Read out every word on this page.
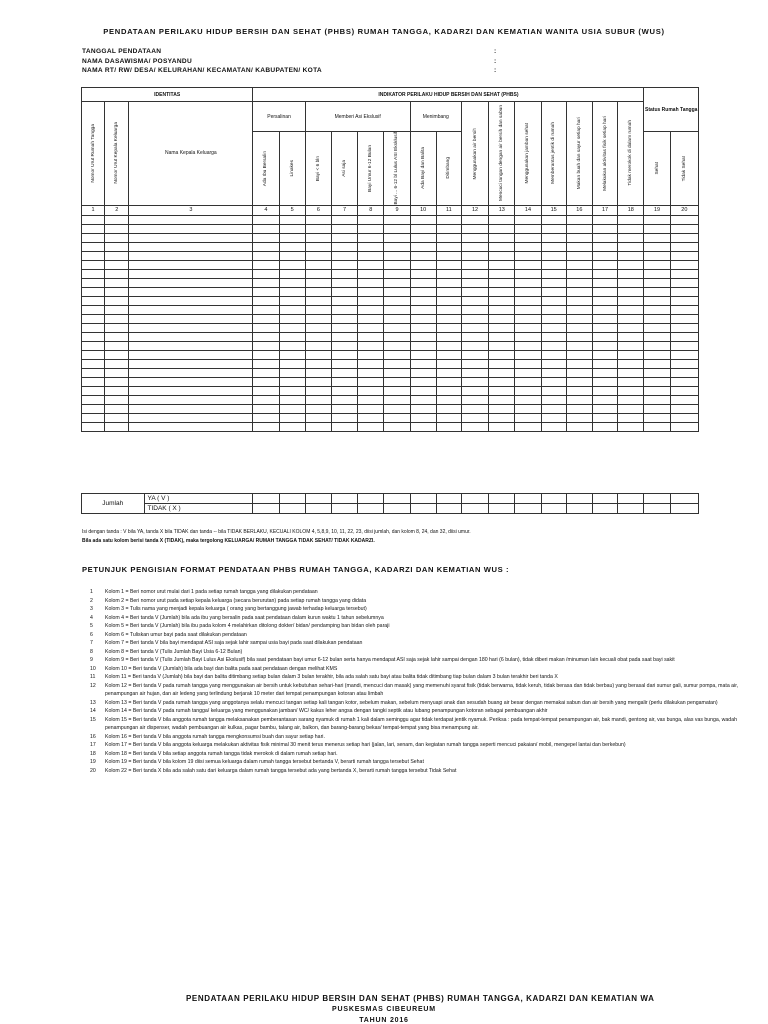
PENDATAAN PERILAKU HIDUP BERSIH DAN SEHAT (PHBS) RUMAH TANGGA, KADARZI DAN KEMATIAN WANITA USIA SUBUR (WUS)
TANGGAL PENDATAAN	:
NAMA DASAWISMA/ POSYANDU	:
NAMA RT/ RW/ DESA/ KELURAHAN/ KECAMATAN/ KABUPATEN/ KOTA	:
IDENTITAS			INDIKATOR PERILAKU HIDUP BERSIH DAN SEHAT (PHBS)															Status Rumah Tangga	

Nomor Urut Rumah Tangga	Nomor Urut Kepala Keluarga	Nama Kepala Keluarga	Persalinan		Memberi Asi Ekslusif				Menimbang		Menggunakan air bersih	Mencuci tangan dengan air bersih dan sabun	Menggunakan jamban sehat	Memberantas jentik di rumah	Makan buah dan sayur setiap hari	Melakukan aktivitas fisik setiap hari	Tidak merokok di dalam rumah		

			Ada Ibu Bersalin	Linakes	Bayi < 6 bln	Asi saja	Bayi Umur 6-12 Bulan	Bayi ... 6-12 bl Lulus ASI Eksklusif	Ada Bayi dan Balita	Ditimbang								Sehat	Tidak Sehat

1	2	3	4	5	6	7	8	9	10	11	12	13	14	15	16	17	18	19	20

Jumlah	YA ( V )																	
	TIDAK ( X )																	
Isi dengan tanda : V bila YA, tanda X bila TIDAK dan tanda -- bila TIDAK BERLAKU, KECUALI KOLOM 4, 5,8,9, 10, 11, 22, 23, diisi jumlah, dan kolom 8, 24, dan 32, diisi umur.
Bila ada satu kolom berisi tanda X (TIDAK), maka tergolong KELUARGA/ RUMAH TANGGA TIDAK SEHAT/ TIDAK KADARZI.
PETUNJUK PENGISIAN FORMAT PENDATAAN PHBS RUMAH TANGGA, KADARZI DAN KEMATIAN WUS :
1	Kolom 1 = Beri nomor urut mulai dari 1 pada setiap rumah tangga yang dilakukan pendataan
2	Kolom 2 = Beri nomor urut pada setiap kepala keluarga (secara berurutan) pada setiap rumah tangga yang didata
3	Kolom 3 = Tulis nama yang menjadi kepala keluarga ( orang yang bertanggung jawab terhadap keluarga tersebut)
4	Kolom 4 = Beri tanda V (Jumlah) bila ada ibu yang bersalin pada saat pendataan dalam kurun waktu 1 tahun sebelumnya
5	Kolom 5 = Beri tanda V (Jumlah) bila ibu pada kolom 4 melahirkan ditolong dokter/ bidan/ pendamping ban bidan oleh paraji
6	Kolom 6 = Tuliskan umur bayi pada saat dilakukan pendataan
7	Kolom 7 = Beri tanda V bila bayi mendapat ASI saja sejak lahir sampai usia bayi pada saat dilakukan pendataan
8	Kolom 8 = Beri tanda V (Tulis Jumlah Bayi Usia 6-12 Bulan)
9	Kolom 9 = Beri tanda V (Tulis Jumlah Bayi Lulus Asi Ekslusif) bila saat pendataan bayi umur 6-12 bulan serta hanya mendapat ASI saja sejak lahir sampai dengan 180 hari (6 bulan), tidak diberi makan /minuman lain kecuali obat pada saat bayi sakit
10	Kolom 10 = Beri tanda V (Jumlah) bila ada bayi dan balita pada saat pendataan dengan melihat KMS
11	Kolom 11 = Beri tanda V (Jumlah) bila bayi dan balita ditimbang setiap bulan dalam 3 bulan terakhir, bila ada salah satu bayi atau balita tidak ditimbang tiap bulan dalam 3 bulan terakhir beri tanda X
12	Kolom 12 = Beri tanda V pada rumah tangga yang menggunakan air bersih untuk kebutuhan sehari-hari (mandi, mencuci dan masak) yang memenuhi syarat fisik (tidak berwarna, tidak keruh, tidak berasa dan tidak berbau) yang berasal dari sumur gali, sumur pompa, mata air, penampungan air hujan, dan air ledeng yang terlindung berjarak 10 meter dari tempat penampungan kotoran atau limbah
13	Kolom 13 = Beri tanda V pada rumah tangga yang anggotanya selalu mencuci tangan setiap kali tangan kotor, sebelum makan, sebelum menyuapi anak dan sesudah buang air besar dengan memakai sabun dan air bersih yang mengalir (perlu dilakukan pengamatan)
14	Kolom 14 = Beri tanda V pada rumah tangga/ keluarga yang menggunakan jamban/ WC/ kakus leher angsa dengan tangki septik atau lubang penampungan kotoran sebagai pembuangan akhir
15	Kolom 15 = Beri tanda V bila anggota rumah tangga melaksanakan pemberantasan sarang nyamuk di rumah 1 kali dalam seminggu agar tidak terdapat jentik nyamuk. Periksa : pada tempat-tempat penampungan air, bak mandi, gentong air, vas bunga, alas vas bunga, wadah penampungan air dispenser, wadah pembuangan air kulkas, pagar bambu, talang air, balkon, dan barang-barang bekas/ tempat-tempat yang bisa menampung air.
16	Kolom 16 = Beri tanda V bila anggota rumah tangga mengkonsumsi buah dan sayur setiap hari.
17	Kolom 17 = Beri tanda V bila anggota keluarga melakukan aktivitas fisik minimal 30 menit terus menerus setiap hari (jalan, lari, senam, dan kegiatan rumah tangga seperti mencuci pakaian/ mobil, mengepel lantai dan berkebun)
18	Kolom 18 = Beri tanda V bila setiap anggota rumah tangga tidak merokok di dalam rumah setiap hari.
19	Kolom 19 = Beri tanda V bila kolom 19 diisi semua keluarga dalam rumah tangga tersebut bertanda V, berarti rumah tangga tersebut Sehat
20	Kolom 22 = Beri tanda X bila ada salah satu dari keluarga dalam rumah tangga tersebut ada yang bertanda X, berarti rumah tangga tersebut Tidak Sehat
PENDATAAN PERILAKU HIDUP BERSIH DAN SEHAT (PHBS) RUMAH TANGGA, KADARZI DAN KEMATIAN WA
PUSKESMAS CIBEUREUM
TAHUN 2016
